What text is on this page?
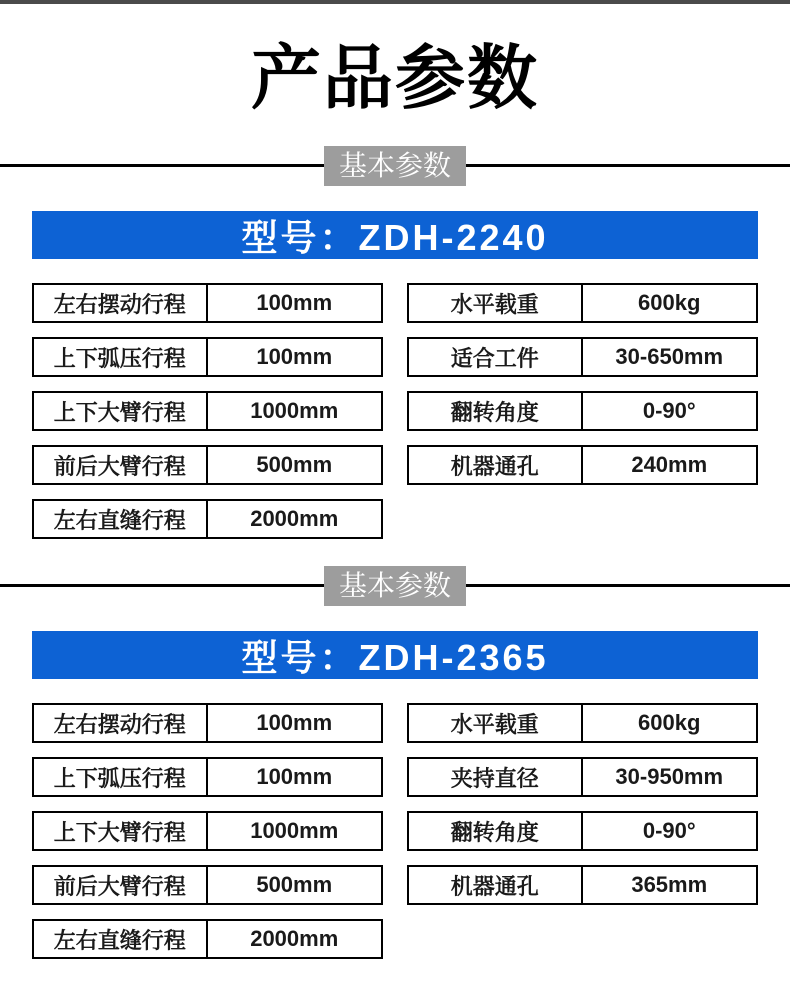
产品参数
基本参数
型号：ZDH-2240
左右摆动行程	100mm
上下弧压行程	100mm
上下大臂行程	1000mm
前后大臂行程	500mm
左右直缝行程	2000mm
水平载重	600kg
适合工件	30-650mm
翻转角度	0-90°
机器通孔	240mm
基本参数
型号：ZDH-2365
左右摆动行程	100mm
上下弧压行程	100mm
上下大臂行程	1000mm
前后大臂行程	500mm
左右直缝行程	2000mm
水平载重	600kg
夹持直径	30-950mm
翻转角度	0-90°
机器通孔	365mm
